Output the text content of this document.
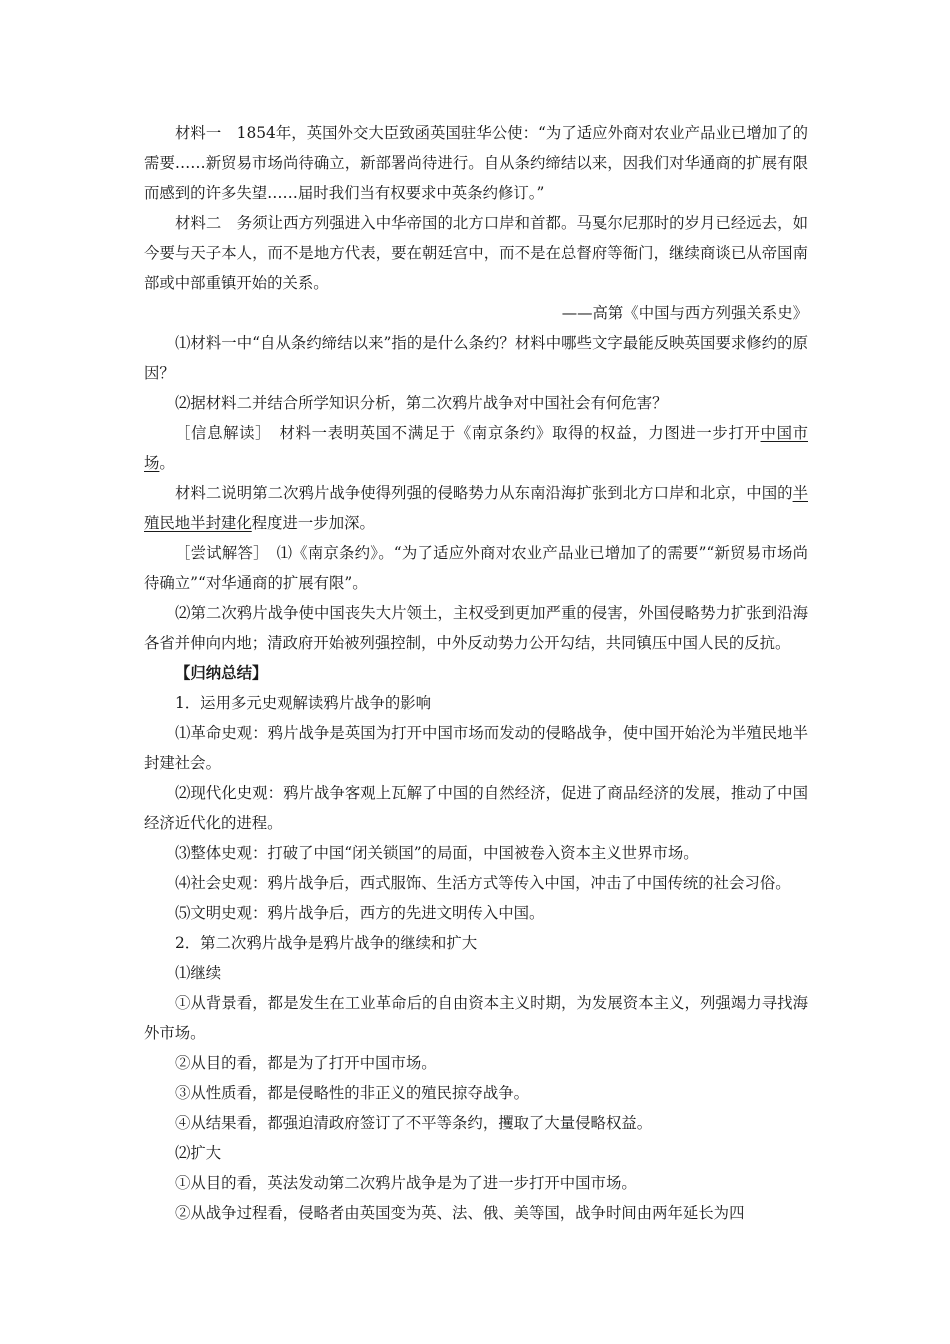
材料一　1854年，英国外交大臣致函英国驻华公使：“为了适应外商对农业产品业已增加了的需要……新贸易市场尚待确立，新部署尚待进行。自从条约缔结以来，因我们对华通商的扩展有限而感到的许多失望……届时我们当有权要求中英条约修订。”

材料二　务须让西方列强进入中华帝国的北方口岸和首都。马戛尔尼那时的岁月已经远去，如今要与天子本人，而不是地方代表，要在朝廷宫中，而不是在总督府等衙门，继续商谈已从帝国南部或中部重镇开始的关系。

——高第《中国与西方列强关系史》

⑴材料一中“自从条约缔结以来”指的是什么条约？材料中哪些文字最能反映英国要求修约的原因？

⑵据材料二并结合所学知识分析，第二次鸦片战争对中国社会有何危害？

［信息解读］　材料一表明英国不满足于《南京条约》取得的权益，力图进一步打开中国市场。

材料二说明第二次鸦片战争使得列强的侵略势力从东南沿海扩张到北方口岸和北京，中国的半殖民地半封建化程度进一步加深。

［尝试解答］　⑴《南京条约》。“为了适应外商对农业产品业已增加了的需要”“新贸易市场尚待确立”“对华通商的扩展有限”。

⑵第二次鸦片战争使中国丧失大片领土，主权受到更加严重的侵害，外国侵略势力扩张到沿海各省并伸向内地；清政府开始被列强控制，中外反动势力公开勾结，共同镇压中国人民的反抗。

【归纳总结】

1．运用多元史观解读鸦片战争的影响

⑴革命史观：鸦片战争是英国为打开中国市场而发动的侵略战争，使中国开始沦为半殖民地半封建社会。

⑵现代化史观：鸦片战争客观上瓦解了中国的自然经济，促进了商品经济的发展，推动了中国经济近代化的进程。

⑶整体史观：打破了中国“闭关锁国”的局面，中国被卷入资本主义世界市场。

⑷社会史观：鸦片战争后，西式服饰、生活方式等传入中国，冲击了中国传统的社会习俗。

⑸文明史观：鸦片战争后，西方的先进文明传入中国。

2．第二次鸦片战争是鸦片战争的继续和扩大

⑴继续

①从背景看，都是发生在工业革命后的自由资本主义时期，为发展资本主义，列强竭力寻找海外市场。

②从目的看，都是为了打开中国市场。

③从性质看，都是侵略性的非正义的殖民掠夺战争。

④从结果看，都强迫清政府签订了不平等条约，攫取了大量侵略权益。

⑵扩大

①从目的看，英法发动第二次鸦片战争是为了进一步打开中国市场。

②从战争过程看，侵略者由英国变为英、法、俄、美等国，战争时间由两年延长为四
